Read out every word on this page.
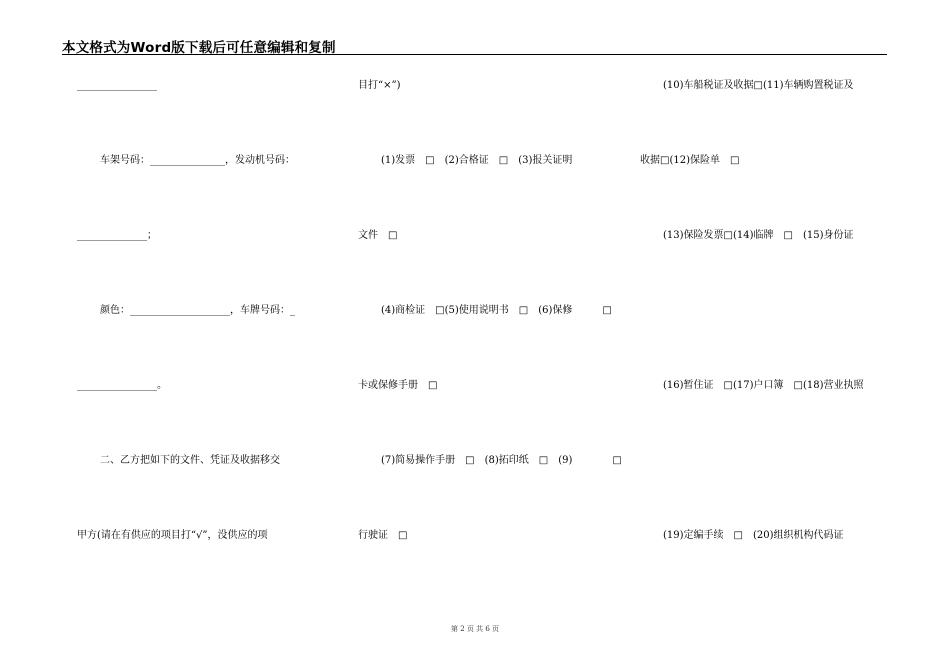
本文格式为Word版下载后可任意编辑和复制
________________
车架号码：_______________，发动机号码：
______________；
颜色：____________________，车牌号码：_
________________。
二、乙方把如下的文件、凭证及收据移交
甲方(请在有供应的项目打“√”，没供应的项
目打“×”)
(1)发票　□　(2)合格证　□　(3)报关证明
文件　□
(4)商检证　□(5)使用说明书　□　(6)保修　　　□
卡或保修手册　□
(7)简易操作手册　□　(8)拓印纸　□　(9)　　　　□
行驶证　□
(10)车船税证及收据□(11)车辆购置税证及
收据□(12)保险单　□
(13)保险发票□(14)临牌　□　(15)身份证
(16)暂住证　□(17)户口簿　□(18)营业执照
(19)定编手续　□　(20)组织机构代码证
第 2 页 共 6 页
